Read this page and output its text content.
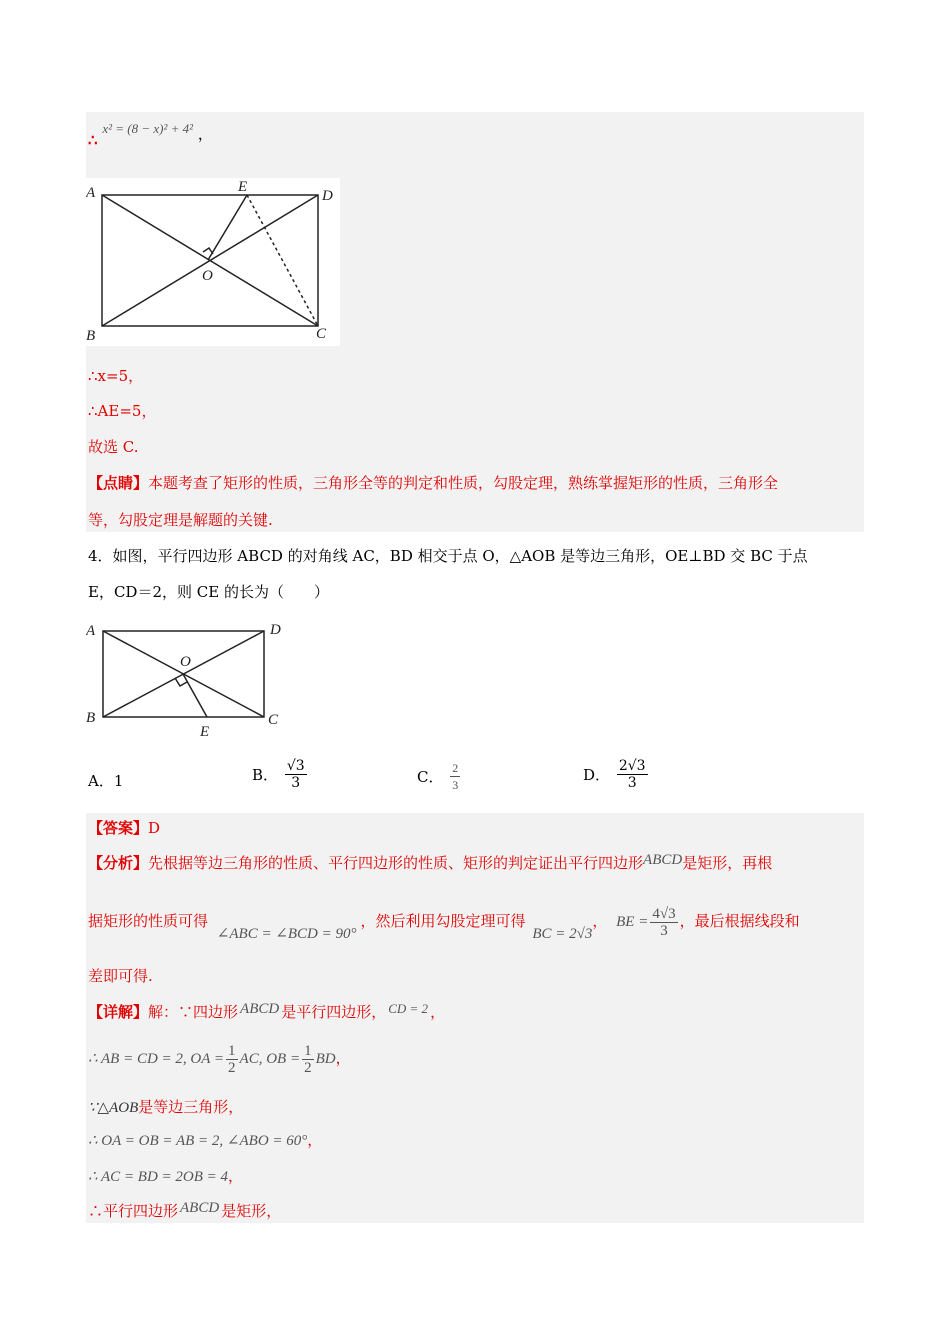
∴ x² = (8 − x)² + 4² ，
A	D
E
O
B	C
∴x=5，
∴AE=5，
故选 C.
【点睛】本题考查了矩形的性质，三角形全等的判定和性质，勾股定理，熟练掌握矩形的性质，三角形全
等，勾股定理是解题的关键.
4．如图，平行四边形 ABCD 的对角线 AC，BD 相交于点 O，△AOB 是等边三角形，OE⊥BD 交 BC 于点
E，CD＝2，则 CE 的长为（　　）
A	D
O
B	C
E
A．1	B． $\frac{√3}{3}$	C． $\frac{2}{3}$	D． $\frac{2√3}{3}$
【答案】D
【分析】先根据等边三角形的性质、平行四边形的性质、矩形的判定证出平行四边形ABCD是矩形，再根
据矩形的性质可得 ∠ABC = ∠BCD = 90°，然后利用勾股定理可得 BC = 2√3， BE = $\frac{4√3}{3}$ ，最后根据线段和
差即可得.
【详解】解：∵四边形 ABCD 是平行四边形， CD = 2 ，
∴ AB = CD = 2, OA = $\frac{1}{2}$ AC, OB = $\frac{1}{2}$ BD，
∵△AOB是等边三角形，
∴ OA = OB = AB = 2, ∠ABO = 60°，
∴ AC = BD = 2OB = 4，
∴平行四边形 ABCD 是矩形，
